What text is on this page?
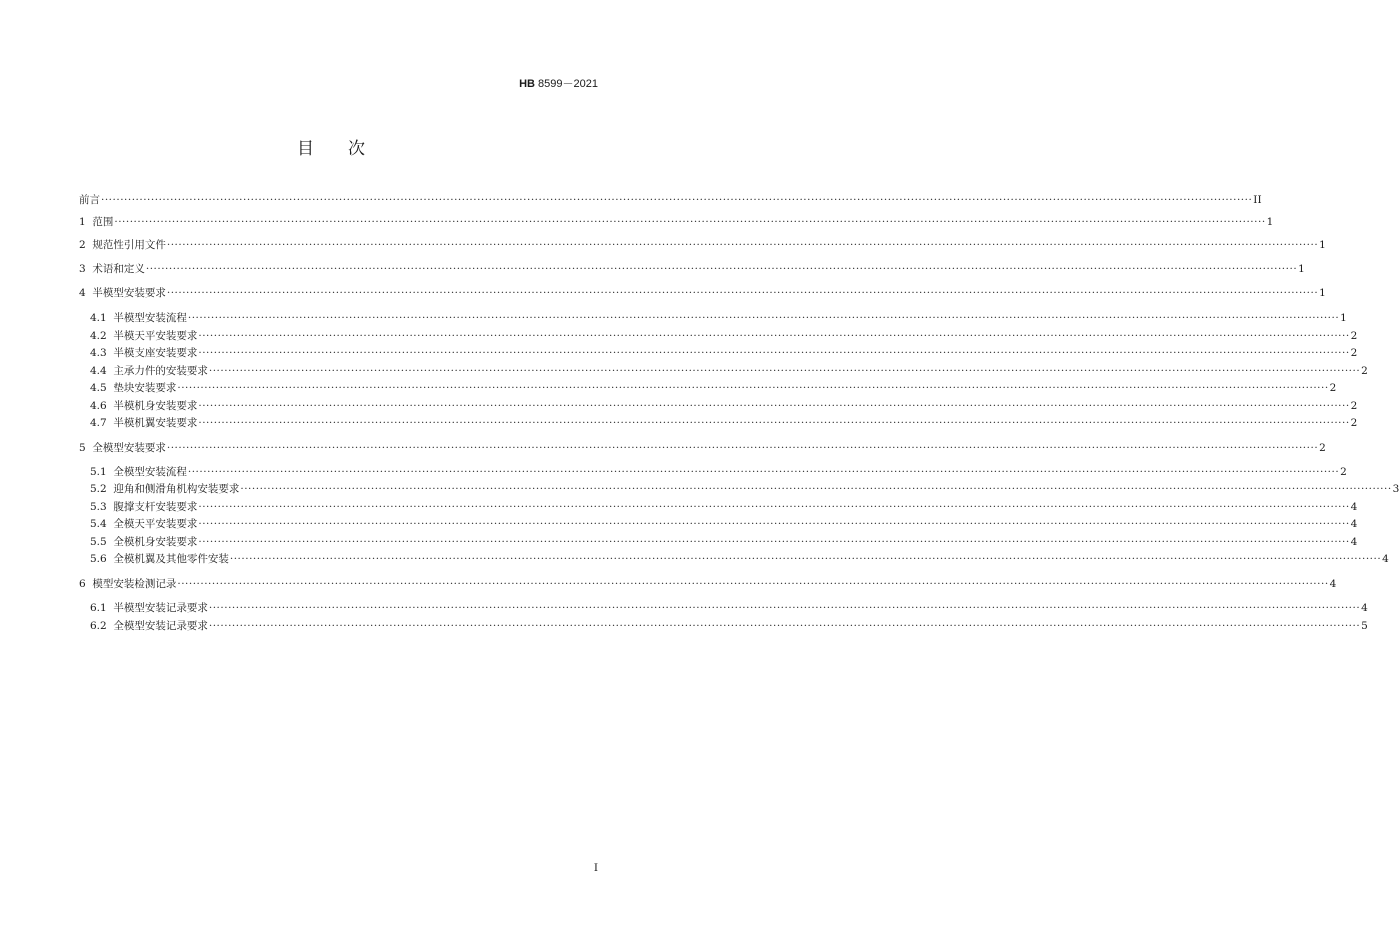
HB 8599－2021
目次
前言 ············································································································································································································································································································ II
1 范围 ············································································································································································································································································································ 1
2 规范性引用文件 ············································································································································································································································································································ 1
3 术语和定义 ············································································································································································································································································································ 1
4 半模型安装要求 ············································································································································································································································································································ 1
4.1 半模型安装流程 ············································································································································································································································································································ 1
4.2 半模天平安装要求 ············································································································································································································································································································ 2
4.3 半模支座安装要求 ············································································································································································································································································································ 2
4.4 主承力件的安装要求 ············································································································································································································································································································ 2
4.5 垫块安装要求 ············································································································································································································································································································ 2
4.6 半模机身安装要求 ············································································································································································································································································································ 2
4.7 半模机翼安装要求 ············································································································································································································································································································ 2
5 全模型安装要求 ············································································································································································································································································································ 2
5.1 全模型安装流程 ············································································································································································································································································································ 2
5.2 迎角和侧滑角机构安装要求 ············································································································································································································································································································ 3
5.3 腹撑支杆安装要求 ············································································································································································································································································································ 4
5.4 全模天平安装要求 ············································································································································································································································································································ 4
5.5 全模机身安装要求 ············································································································································································································································································································ 4
5.6 全模机翼及其他零件安装 ············································································································································································································································································································ 4
6 模型安装检测记录 ············································································································································································································································································································ 4
6.1 半模型安装记录要求 ············································································································································································································································································································ 4
6.2 全模型安装记录要求 ············································································································································································································································································································ 5
I
